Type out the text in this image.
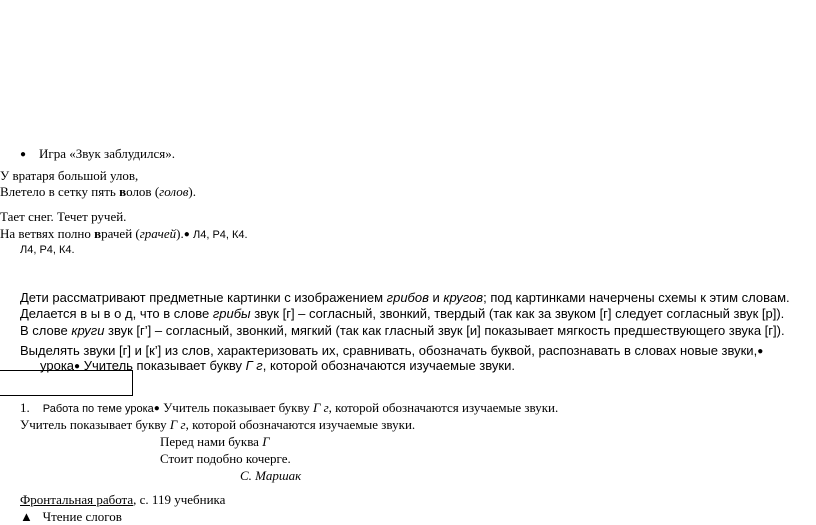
● Игра «Звук заблудился».
У вратаря большой улов,
Влетело в сетку пять волов (голов).
Тает снег. Течет ручей.
На ветвях полно врачей (грачей).● Л4, Р4, К4.
Л4, Р4, К4.
Дети рассматривают предметные картинки с изображением грибов и кругов; под картинками начерчены схемы к этим словам.
Делается в ы в о д, что в слове грибы звук [г] – согласный, звонкий, твердый (так как за звуком [г] следует согласный звук [р]).
В слове круги звук [г’] – согласный, звонкий, мягкий (так как гласный звук [и] показывает мягкость предшествующего звука [г]).
Выделять звуки [г] и [к’] из слов, характеризовать их, сравнивать, обозначать буквой, распознавать в словах новые звуки,●
урока● Учитель показывает букву Г г, которой обозначаются изучаемые звуки.
1. Работа по теме урока● Учитель показывает букву Г г, которой обозначаются изучаемые звуки.
Учитель показывает букву Г г, которой обозначаются изучаемые звуки.
Перед нами буква Г
Стоит подобно кочерге.
С. Маршак
Фронтальная работа, с. 119 учебника
▲ Чтение слогов
